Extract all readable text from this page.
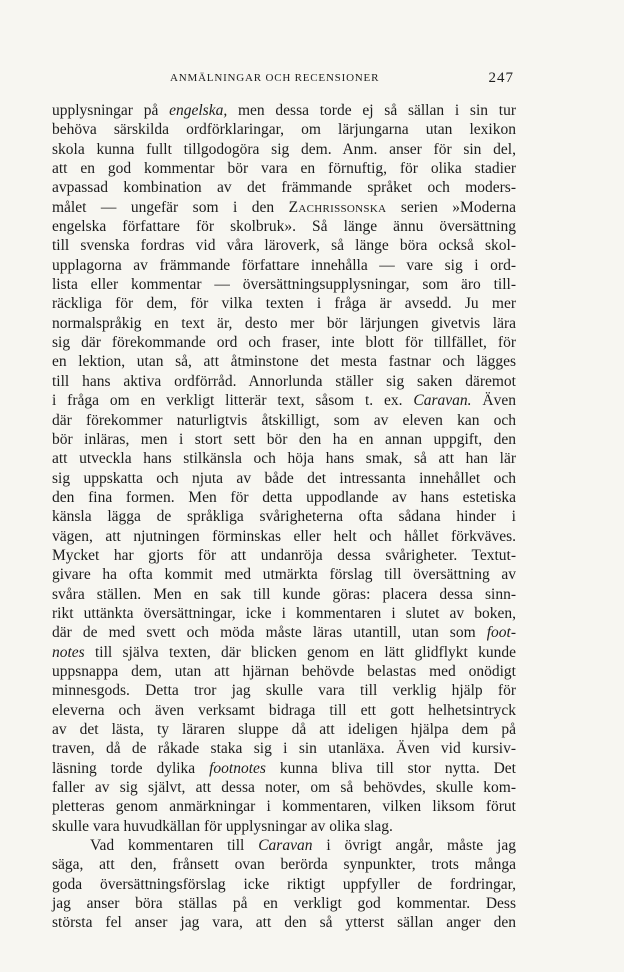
ANMÄLNINGAR OCH RECENSIONER	247
upplysningar på engelska, men dessa torde ej så sällan i sin tur
behöva särskilda ordförklaringar, om lärjungarna utan lexikon
skola kunna fullt tillgodogöra sig dem. Anm. anser för sin del,
att en god kommentar bör vara en förnuftig, för olika stadier
avpassad kombination av det främmande språket och moders-
målet — ungefär som i den Zachrissonska serien »Moderna
engelska författare för skolbruk». Så länge ännu översättning
till svenska fordras vid våra läroverk, så länge böra också skol-
upplagorna av främmande författare innehålla — vare sig i ord-
lista eller kommentar — översättningsupplysningar, som äro till-
räckliga för dem, för vilka texten i fråga är avsedd. Ju mer
normalspråkig en text är, desto mer bör lärjungen givetvis lära
sig där förekommande ord och fraser, inte blott för tillfället, för
en lektion, utan så, att åtminstone det mesta fastnar och lägges
till hans aktiva ordförråd. Annorlunda ställer sig saken däremot
i fråga om en verkligt litterär text, såsom t. ex. Caravan. Även
där förekommer naturligtvis åtskilligt, som av eleven kan och
bör inläras, men i stort sett bör den ha en annan uppgift, den
att utveckla hans stilkänsla och höja hans smak, så att han lär
sig uppskatta och njuta av både det intressanta innehållet och
den fina formen. Men för detta uppodlande av hans estetiska
känsla lägga de språkliga svårigheterna ofta sådana hinder i
vägen, att njutningen förminskas eller helt och hållet förkväves.
Mycket har gjorts för att undanröja dessa svårigheter. Textut-
givare ha ofta kommit med utmärkta förslag till översättning av
svåra ställen. Men en sak till kunde göras: placera dessa sinn-
rikt uttänkta översättningar, icke i kommentaren i slutet av boken,
där de med svett och möda måste läras utantill, utan som foot-
notes till själva texten, där blicken genom en lätt glidflykt kunde
uppsnappa dem, utan att hjärnan behövde belastas med onödigt
minnesgods. Detta tror jag skulle vara till verklig hjälp för
eleverna och även verksamt bidraga till ett gott helhetsintryck
av det lästa, ty läraren sluppe då att ideligen hjälpa dem på
traven, då de råkade staka sig i sin utanläxa. Även vid kursiv-
läsning torde dylika footnotes kunna bliva till stor nytta. Det
faller av sig självt, att dessa noter, om så behövdes, skulle kom-
pletteras genom anmärkningar i kommentaren, vilken liksom förut
skulle vara huvudkällan för upplysningar av olika slag.
Vad kommentaren till Caravan i övrigt angår, måste jag
säga, att den, frånsett ovan berörda synpunkter, trots många
goda översättningsförslag icke riktigt uppfyller de fordringar,
jag anser böra ställas på en verkligt god kommentar. Dess
största fel anser jag vara, att den så ytterst sällan anger den
